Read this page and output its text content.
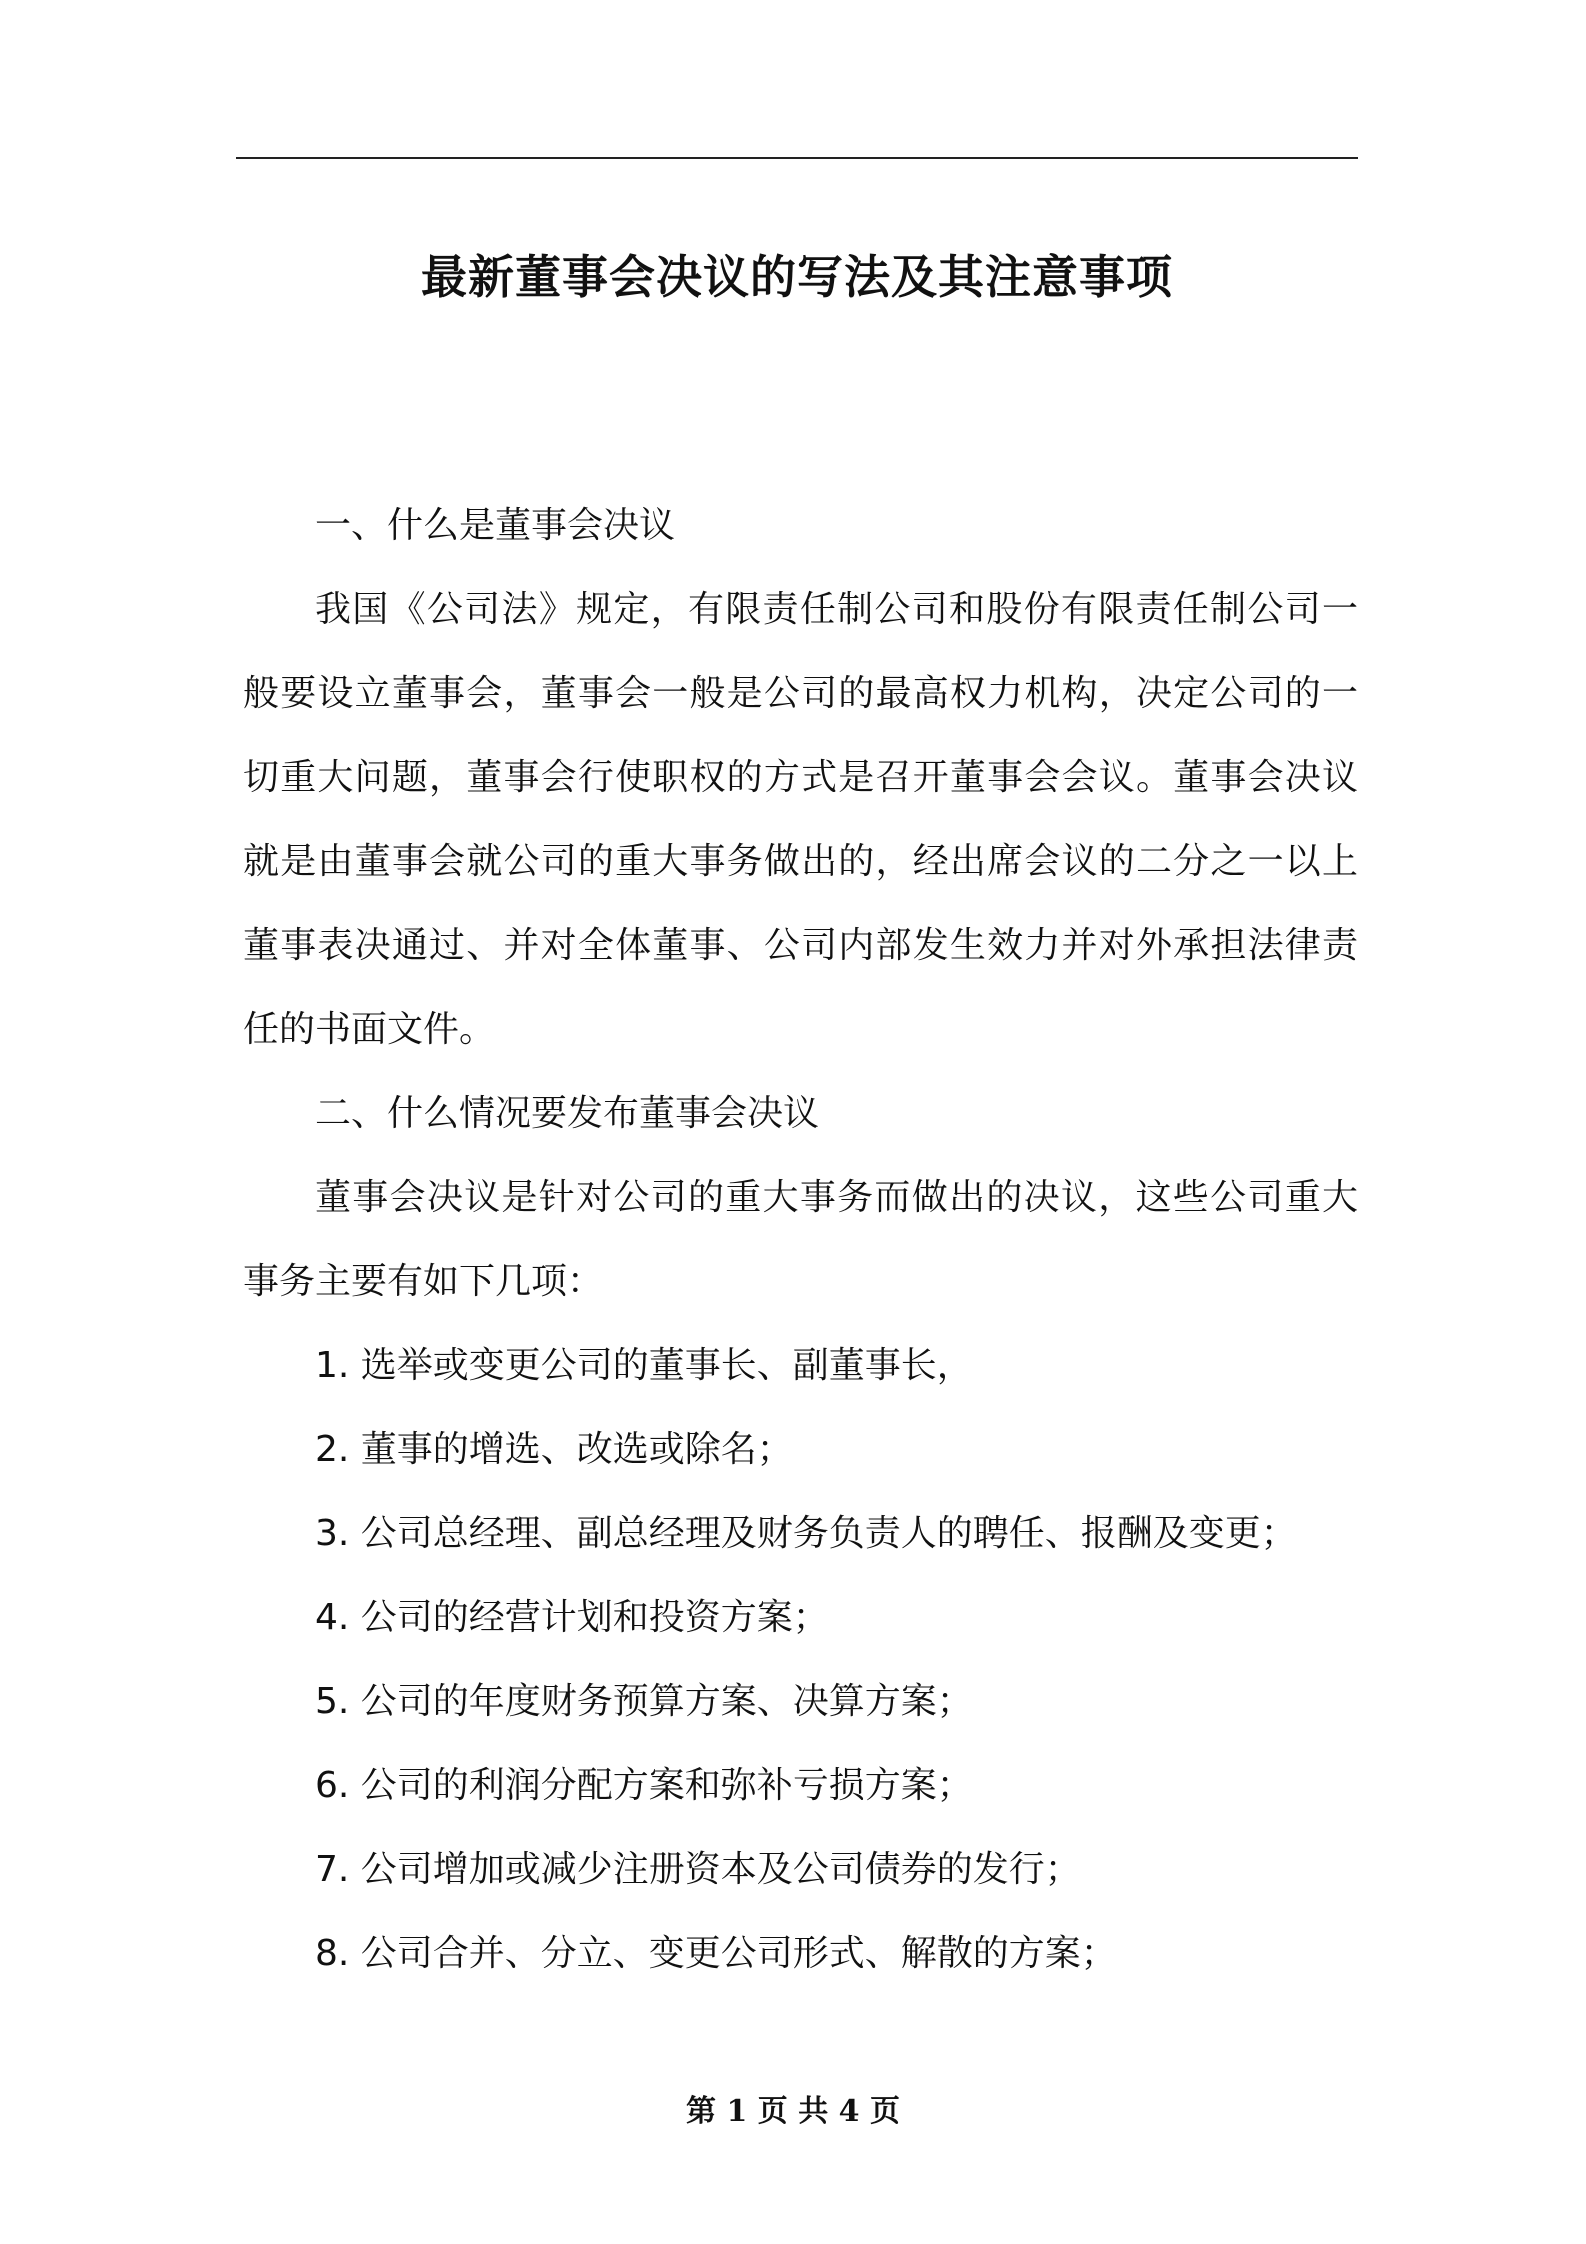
最新董事会决议的写法及其注意事项

一、什么是董事会决议

我国《公司法》规定，有限责任制公司和股份有限责任制公司一般要设立董事会，董事会一般是公司的最高权力机构，决定公司的一切重大问题，董事会行使职权的方式是召开董事会会议。董事会决议就是由董事会就公司的重大事务做出的，经出席会议的二分之一以上董事表决通过、并对全体董事、公司内部发生效力并对外承担法律责任的书面文件。

二、什么情况要发布董事会决议

董事会决议是针对公司的重大事务而做出的决议，这些公司重大事务主要有如下几项：

1. 选举或变更公司的董事长、副董事长，

2. 董事的增选、改选或除名；

3. 公司总经理、副总经理及财务负责人的聘任、报酬及变更；

4. 公司的经营计划和投资方案；

5. 公司的年度财务预算方案、决算方案；

6. 公司的利润分配方案和弥补亏损方案；

7. 公司增加或减少注册资本及公司债券的发行；

8. 公司合并、分立、变更公司形式、解散的方案；

第 1 页 共 4 页
